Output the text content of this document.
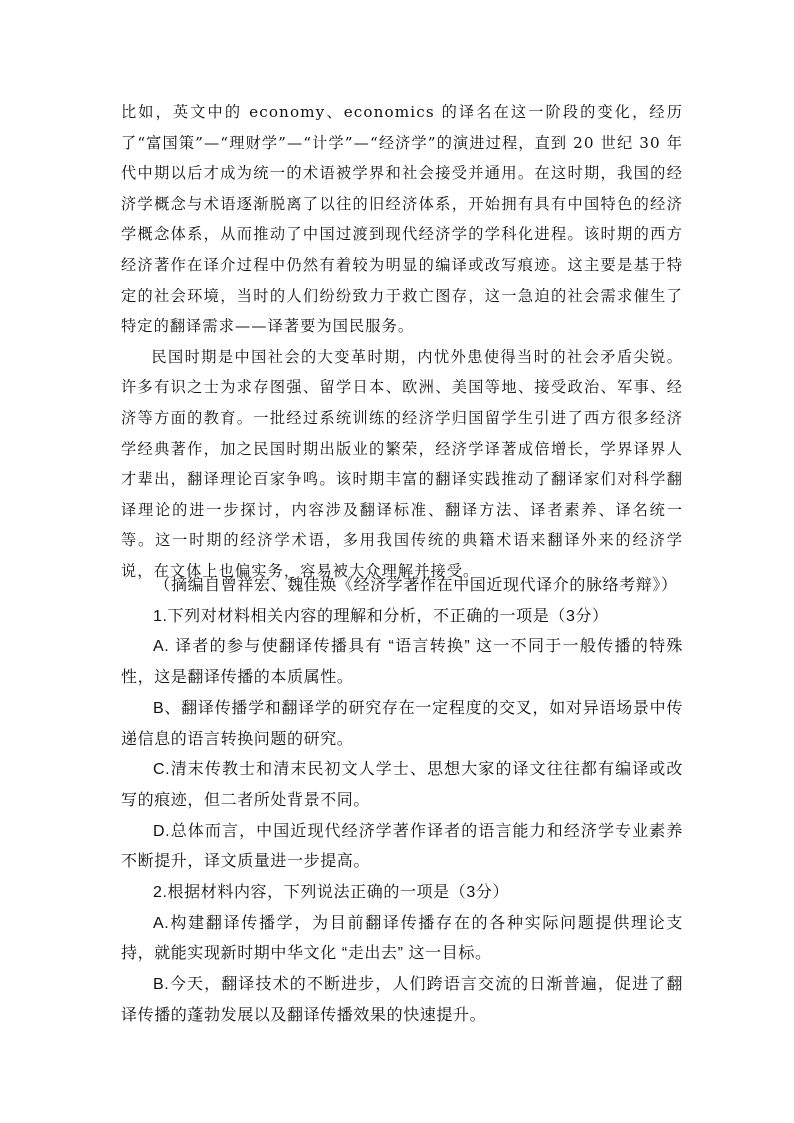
比如，英文中的 economy、economics 的译名在这一阶段的变化，经历了“富国策”—“理财学”—“计学”—“经济学”的演进过程，直到 20 世纪 30 年代中期以后才成为统一的术语被学界和社会接受并通用。在这时期，我国的经济学概念与术语逐渐脱离了以往的旧经济体系，开始拥有具有中国特色的经济学概念体系，从而推动了中国过渡到现代经济学的学科化进程。该时期的西方经济著作在译介过程中仍然有着较为明显的编译或改写痕迹。这主要是基于特定的社会环境，当时的人们纷纷致力于救亡图存，这一急迫的社会需求催生了特定的翻译需求——译著要为国民服务。

民国时期是中国社会的大变革时期，内忧外患使得当时的社会矛盾尖锐。许多有识之士为求存图强、留学日本、欧洲、美国等地、接受政治、军事、经济等方面的教育。一批经过系统训练的经济学归国留学生引进了西方很多经济学经典著作，加之民国时期出版业的繁荣，经济学译著成倍增长，学界译界人才辈出，翻译理论百家争鸣。该时期丰富的翻译实践推动了翻译家们对科学翻译理论的进一步探讨，内容涉及翻译标准、翻译方法、译者素养、译名统一等。这一时期的经济学术语，多用我国传统的典籍术语来翻译外来的经济学说，在文体上也偏实务，容易被大众理解并接受。

（摘编自曾祥宏、魏佳焕《经济学著作在中国近现代译介的脉络考辩》）

1.下列对材料相关内容的理解和分析，不正确的一项是（3分）

A. 译者的参与使翻译传播具有 “语言转换” 这一不同于一般传播的特殊性，这是翻译传播的本质属性。

B、翻译传播学和翻译学的研究存在一定程度的交叉，如对异语场景中传递信息的语言转换问题的研究。

C.清末传教士和清末民初文人学士、思想大家的译文往往都有编译或改写的痕迹，但二者所处背景不同。

D.总体而言，中国近现代经济学著作译者的语言能力和经济学专业素养不断提升，译文质量进一步提高。

2.根据材料内容，下列说法正确的一项是（3分）

A.构建翻译传播学，为目前翻译传播存在的各种实际问题提供理论支持，就能实现新时期中华文化 “走出去” 这一目标。

B.今天，翻译技术的不断进步，人们跨语言交流的日渐普遍，促进了翻译传播的蓬勃发展以及翻译传播效果的快速提升。
